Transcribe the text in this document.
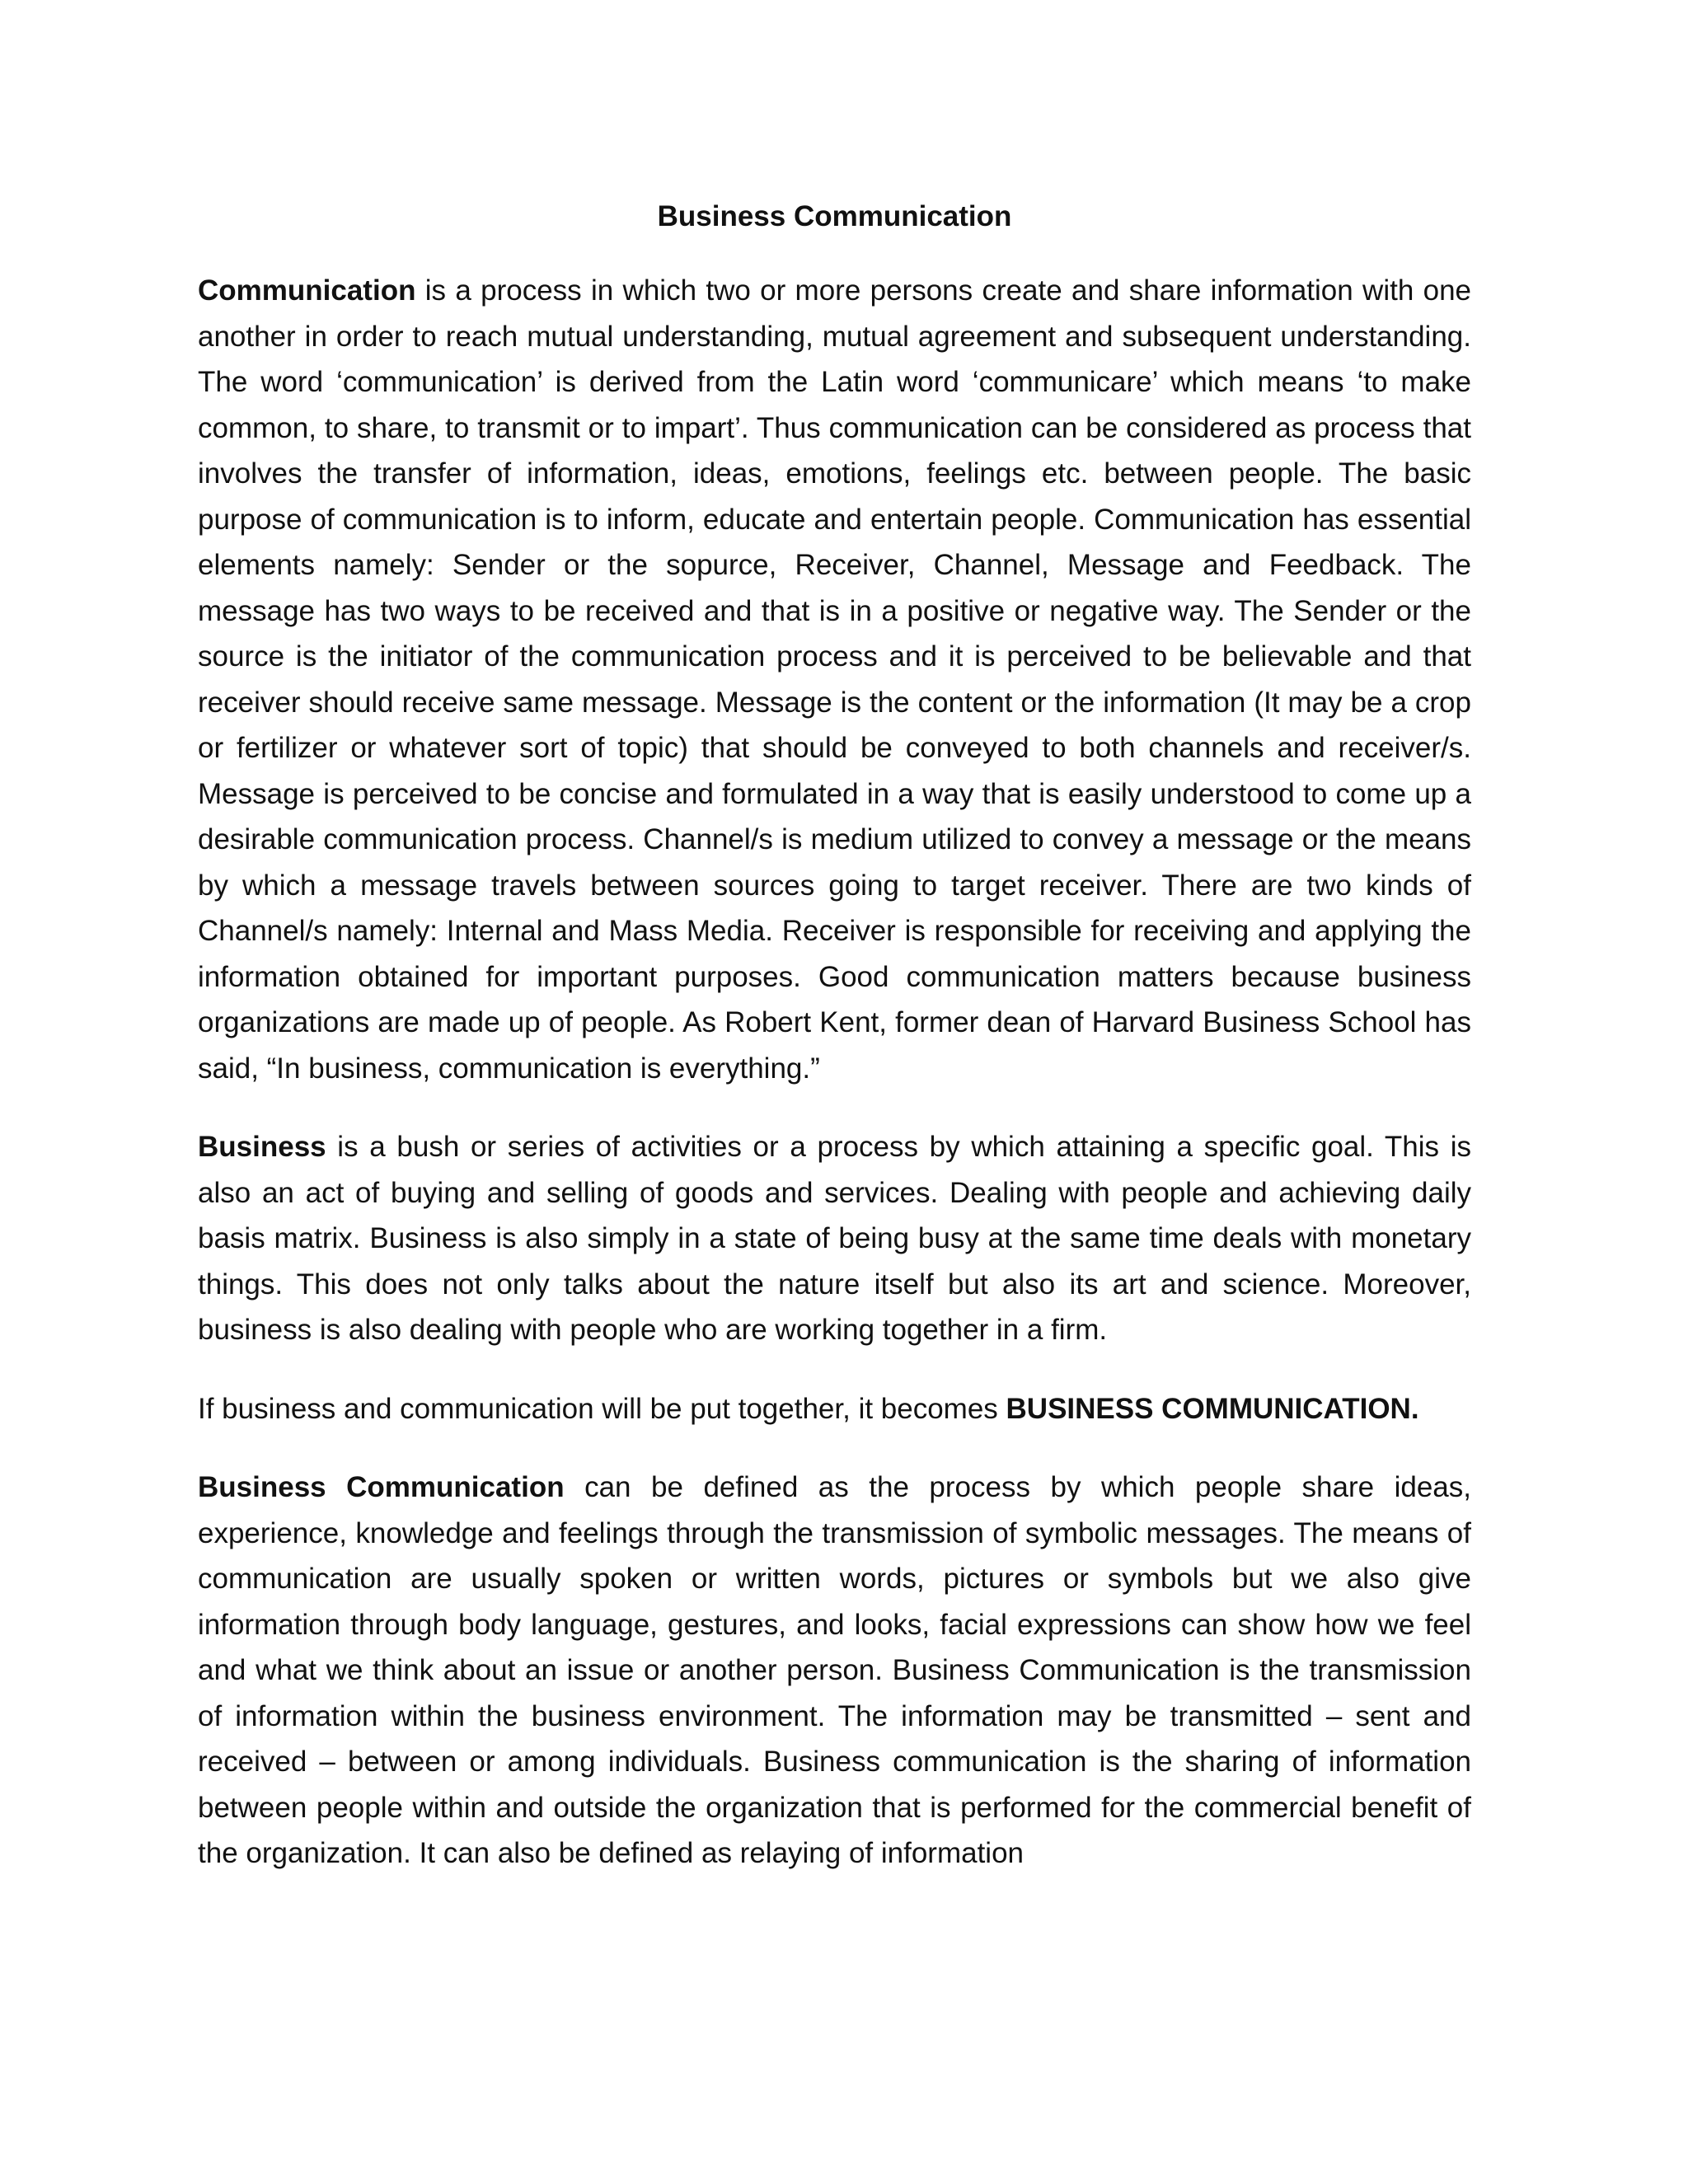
Business Communication

Communication is a process in which two or more persons create and share information with one another in order to reach mutual understanding, mutual agreement and subsequent understanding. The word ‘communication’ is derived from the Latin word ‘communicare’ which means ‘to make common, to share, to transmit or to impart’. Thus communication can be considered as process that involves the transfer of information, ideas, emotions, feelings etc. between people. The basic purpose of communication is to inform, educate and entertain people. Communication has essential elements namely: Sender or the sopurce, Receiver, Channel, Message and Feedback. The message has two ways to be received and that is in a positive or negative way. The Sender or the source is the initiator of the communication process and it is perceived to be believable and that receiver should receive same message. Message is the content or the information (It may be a crop or fertilizer or whatever sort of topic) that should be conveyed to both channels and receiver/s. Message is perceived to be concise and formulated in a way that is easily understood to come up a desirable communication process. Channel/s is medium utilized to convey a message or the means by which a message travels between sources going to target receiver. There are two kinds of Channel/s namely: Internal and Mass Media. Receiver is responsible for receiving and applying the information obtained for important purposes. Good communication matters because business organizations are made up of people. As Robert Kent, former dean of Harvard Business School has said, “In business, communication is everything.”

Business is a bush or series of activities or a process by which attaining a specific goal. This is also an act of buying and selling of goods and services. Dealing with people and achieving daily basis matrix. Business is also simply in a state of being busy at the same time deals with monetary things. This does not only talks about the nature itself but also its art and science. Moreover, business is also dealing with people who are working together in a firm.

If business and communication will be put together, it becomes BUSINESS COMMUNICATION.

Business Communication can be defined as the process by which people share ideas, experience, knowledge and feelings through the transmission of symbolic messages. The means of communication are usually spoken or written words, pictures or symbols but we also give information through body language, gestures, and looks, facial expressions can show how we feel and what we think about an issue or another person. Business Communication is the transmission of information within the business environment. The information may be transmitted – sent and received – between or among individuals. Business communication is the sharing of information between people within and outside the organization that is performed for the commercial benefit of the organization. It can also be defined as relaying of information
